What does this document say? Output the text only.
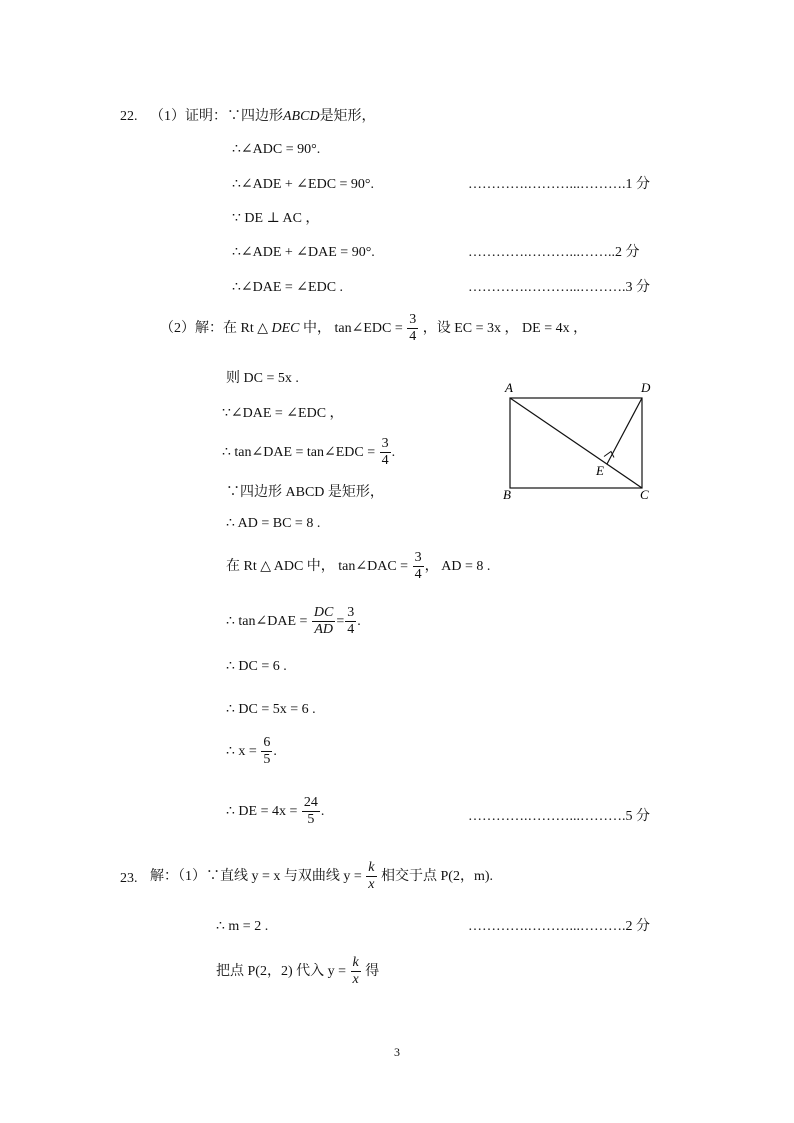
22. （1）证明：∵四边形ABCD是矩形，
∴∠ADC = 90°.
∴∠ADE + ∠EDC = 90°.	………….………...……….1 分
∵ DE ⊥ AC ，
∴∠ADE + ∠DAE = 90°.	………….………...……..2 分
∴∠DAE = ∠EDC .	………….………...……….3 分
（2）解：在 Rt △ DEC 中， tan∠EDC = $\frac{3}{4}$ ，设 EC = 3x ， DE = 4x ，
则 DC = 5x .
∵∠DAE = ∠EDC ，
∴ tan∠DAE = tan∠EDC = $\frac{3}{4}$ .
∵四边形 ABCD 是矩形，
∴ AD = BC = 8 .
在 Rt △ ADC 中， tan∠DAC = $\frac{3}{4}$ ， AD = 8 .
∴ tan∠DAE = $\frac{DC}{AD} = \frac{3}{4}$ .
∴ DC = 6 .
∴ DC = 5x = 6 .
∴ $x = \frac{6}{5}$ .
∴ DE = $4x = \frac{24}{5}$ .	………….………...……….5 分
A	D
B	C
E
23. 解：（1）∵直线 y = x 与双曲线 $y = \frac{k}{x}$ 相交于点 P(2，m).
∴ m = 2 .	………….………...……….2 分
把点 P(2，2) 代入 $y = \frac{k}{x}$ 得
3
